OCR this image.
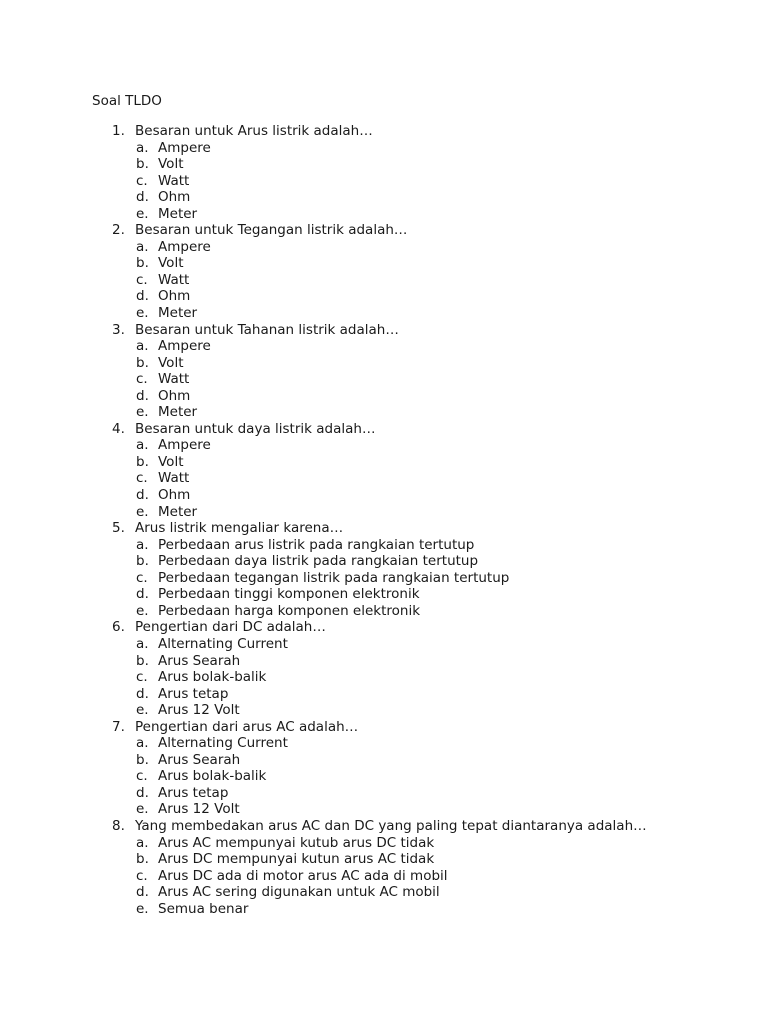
Soal TLDO
1. Besaran untuk Arus listrik adalah…
a. Ampere
b. Volt
c. Watt
d. Ohm
e. Meter
2. Besaran untuk Tegangan listrik adalah…
a. Ampere
b. Volt
c. Watt
d. Ohm
e. Meter
3. Besaran untuk Tahanan listrik adalah…
a. Ampere
b. Volt
c. Watt
d. Ohm
e. Meter
4. Besaran untuk daya listrik adalah…
a. Ampere
b. Volt
c. Watt
d. Ohm
e. Meter
5. Arus listrik mengaliar karena…
a. Perbedaan arus listrik pada rangkaian tertutup
b. Perbedaan daya listrik pada rangkaian tertutup
c. Perbedaan tegangan listrik pada rangkaian tertutup
d. Perbedaan tinggi komponen elektronik
e. Perbedaan harga komponen elektronik
6. Pengertian dari DC adalah…
a. Alternating Current
b. Arus Searah
c. Arus bolak-balik
d. Arus tetap
e. Arus 12 Volt
7. Pengertian dari arus AC adalah…
a. Alternating Current
b. Arus Searah
c. Arus bolak-balik
d. Arus tetap
e. Arus 12 Volt
8. Yang membedakan arus AC dan DC yang paling tepat diantaranya adalah…
a. Arus AC mempunyai kutub arus DC tidak
b. Arus DC mempunyai kutun arus AC tidak
c. Arus DC ada di motor arus AC ada di mobil
d. Arus AC sering digunakan untuk AC mobil
e. Semua benar
